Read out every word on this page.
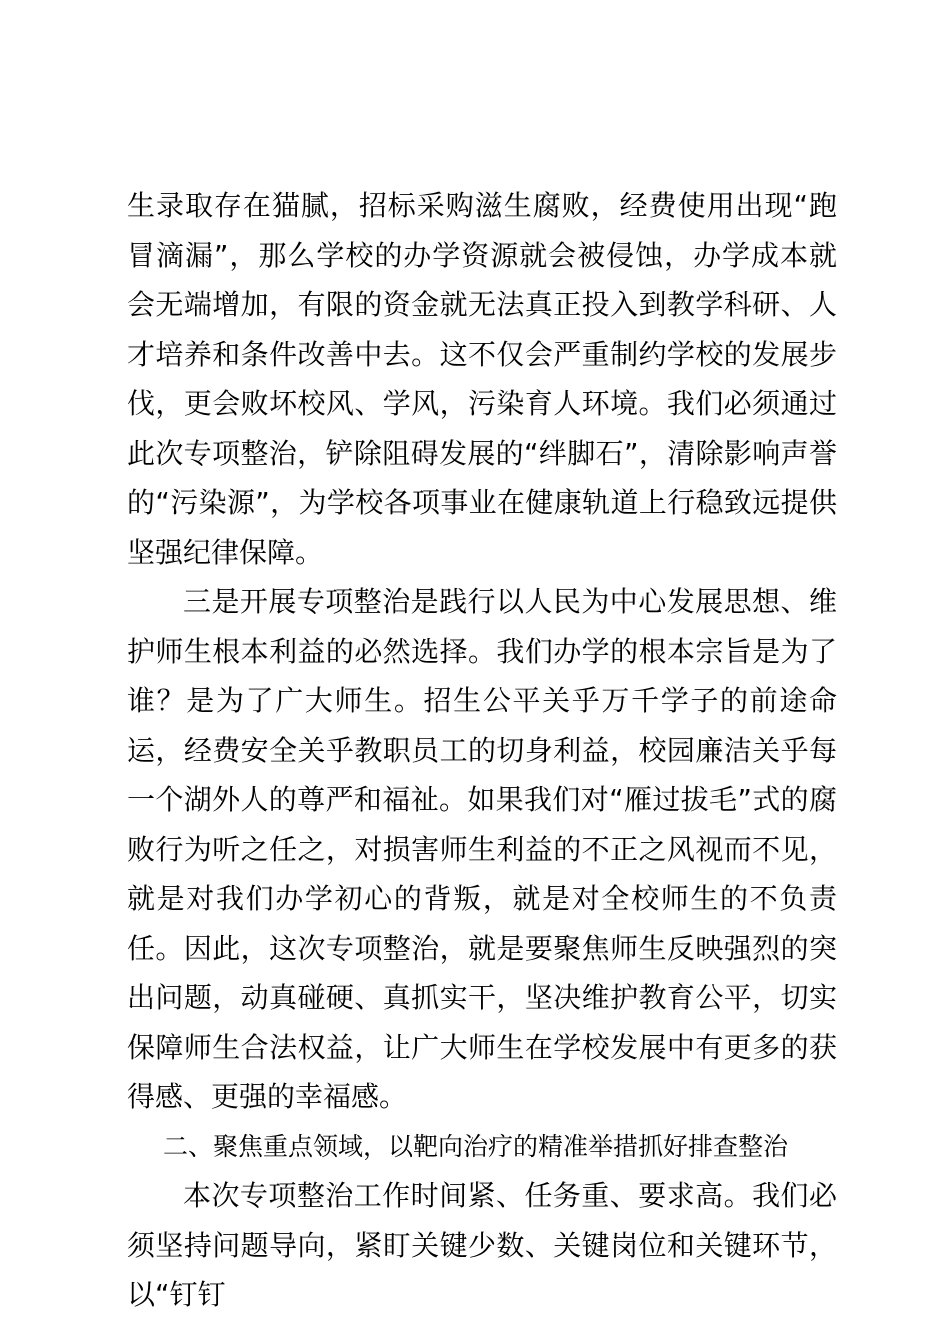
生录取存在猫腻，招标采购滋生腐败，经费使用出现“跑冒滴漏”，那么学校的办学资源就会被侵蚀，办学成本就会无端增加，有限的资金就无法真正投入到教学科研、人才培养和条件改善中去。这不仅会严重制约学校的发展步伐，更会败坏校风、学风，污染育人环境。我们必须通过此次专项整治，铲除阻碍发展的“绊脚石”，清除影响声誉的“污染源”，为学校各项事业在健康轨道上行稳致远提供坚强纪律保障。

三是开展专项整治是践行以人民为中心发展思想、维护师生根本利益的必然选择。我们办学的根本宗旨是为了谁？是为了广大师生。招生公平关乎万千学子的前途命运，经费安全关乎教职员工的切身利益，校园廉洁关乎每一个湖外人的尊严和福祉。如果我们对“雁过拔毛”式的腐败行为听之任之，对损害师生利益的不正之风视而不见，就是对我们办学初心的背叛，就是对全校师生的不负责任。因此，这次专项整治，就是要聚焦师生反映强烈的突出问题，动真碰硬、真抓实干，坚决维护教育公平，切实保障师生合法权益，让广大师生在学校发展中有更多的获得感、更强的幸福感。

二、聚焦重点领域，以靶向治疗的精准举措抓好排查整治

本次专项整治工作时间紧、任务重、要求高。我们必须坚持问题导向，紧盯关键少数、关键岗位和关键环节，以“钉钉
